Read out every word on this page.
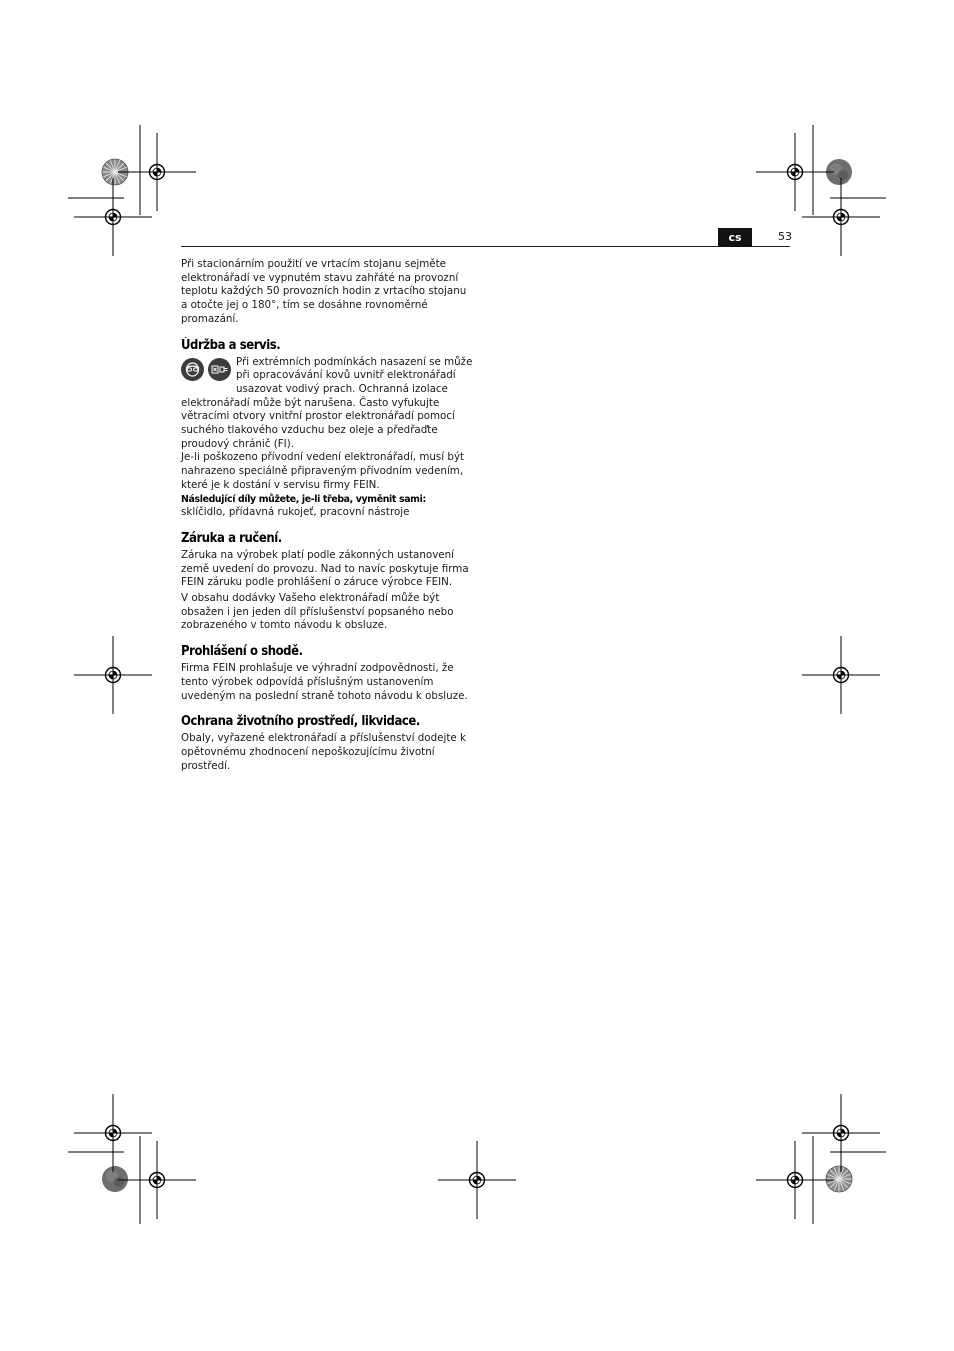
cs	53

Při stacionárním použití ve vrtacím stojanu sejměte
elektronářadí ve vypnutém stavu zahřáté na provozní
teplotu každých 50 provozních hodin z vrtacího stojanu
a otočte jej o 180°, tím se dosáhne rovnoměrné
promazání.

Údržba a servis.

Při extrémních podmínkách nasazení se může
při opracovávání kovů uvnitř elektronářadí
usazovat vodivý prach. Ochranná izolace
elektronářadí může být narušena. Často vyfukujte
větracími otvory vnitřní prostor elektronářadí pomocí
suchého tlakového vzduchu bez oleje a předřaďte
proudový chránič (FI).

Je-li poškozeno přívodní vedení elektronářadí, musí být
nahrazeno speciálně připraveným přívodním vedením,
které je k dostání v servisu firmy FEIN.

Následující díly můžete, je-li třeba, vyměnit sami:

sklíčidlo, přídavná rukojeť, pracovní nástroje

Záruka a ručení.

Záruka na výrobek platí podle zákonných ustanovení
země uvedení do provozu. Nad to navíc poskytuje firma
FEIN záruku podle prohlášení o záruce výrobce FEIN.

V obsahu dodávky Vašeho elektronářadí může být
obsažen i jen jeden díl příslušenství popsaného nebo
zobrazeného v tomto návodu k obsluze.

Prohlášení o shodě.

Firma FEIN prohlašuje ve výhradní zodpovědnosti, že
tento výrobek odpovídá příslušným ustanovením
uvedeným na poslední straně tohoto návodu k obsluze.

Ochrana životního prostředí, likvidace.

Obaly, vyřazené elektronářadí a příslušenství dodejte k
opětovnému zhodnocení nepoškozujícímu životní
prostředí.
